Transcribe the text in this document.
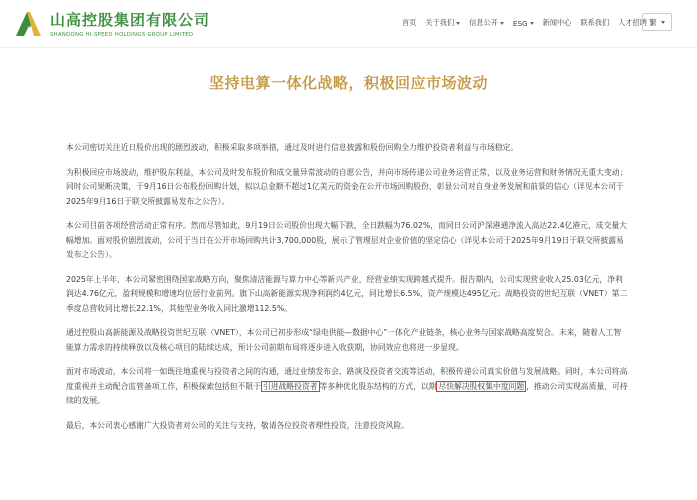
山高控股集团有限公司
SHANDONG HI-SPEED HOLDINGS GROUP LIMITED
首页 关于我们 信息公开 ESG 新闻中心 联系我们 人才招聘 繁
坚持电算一体化战略，积极回应市场波动

本公司密切关注近日股价出现的剧烈波动，积极采取多项举措，通过及时进行信息披露和股份回购全力维护投资者利益与市场稳定。

为积极回应市场波动，维护股东利益，本公司及时发布股价和成交量异常波动的自愿公告，并向市场传递公司业务运营正常，以及业务运营和财务情况无重大变动；同时公司果断决策，于9月16日公布股份回购计划，拟以总金额不超过1亿美元的资金在公开市场回购股份，彰显公司对自身业务发展和前景的信心（详见本公司于2025年9月16日于联交所披露易发布之公告）。

本公司目前各项经营活动正常有序。然而尽管如此，9月19日公司股价出现大幅下跌，全日跌幅为76.02%，而同日公司沪深港通净流入高达22.4亿港元，成交量大幅增加。面对股价剧烈波动，公司于当日在公开市场回购共计3,700,000股，展示了管理层对企业价值的坚定信心（详见本公司于2025年9月19日于联交所披露易发布之公告）。

2025年上半年，本公司紧密围绕国家战略方向，聚焦清洁能源与算力中心等新兴产业，经营业绩实现跨越式提升。报告期内，公司实现营业收入25.03亿元，净利润达4.76亿元，盈利规模和增速均位居行业前列。旗下山高新能源实现净利润约4亿元，同比增长6.5%，资产规模达495亿元；战略投资的世纪互联（VNET）第二季度总营收同比增长22.1%，其他型业务收入同比激增112.5%。

通过控股山高新能源及战略投资世纪互联（VNET），本公司已初步形成“绿电供能—数据中心”一体化产业链条，核心业务与国家战略高度契合。未来，随着人工智能算力需求的持续释放以及核心项目的陆续达成，预计公司前期布局将逐步进入收获期，协同效应也将进一步显现。

面对市场波动，本公司将一如既往地重视与投资者之间的沟通，通过业绩发布会、路演及投资者交流等活动，积极传递公司真实价值与发展战略。同时，本公司将高度重视并主动配合监管备项工作，积极探索包括但不限于 引进战略投资者 等多种优化股东结构的方式，以期 尽快解决股权集中度问题 ，推动公司实现高质量、可持续的发展。

最后，本公司衷心感谢广大投资者对公司的关注与支持，敬请各位投资者理性投资，注意投资风险。
